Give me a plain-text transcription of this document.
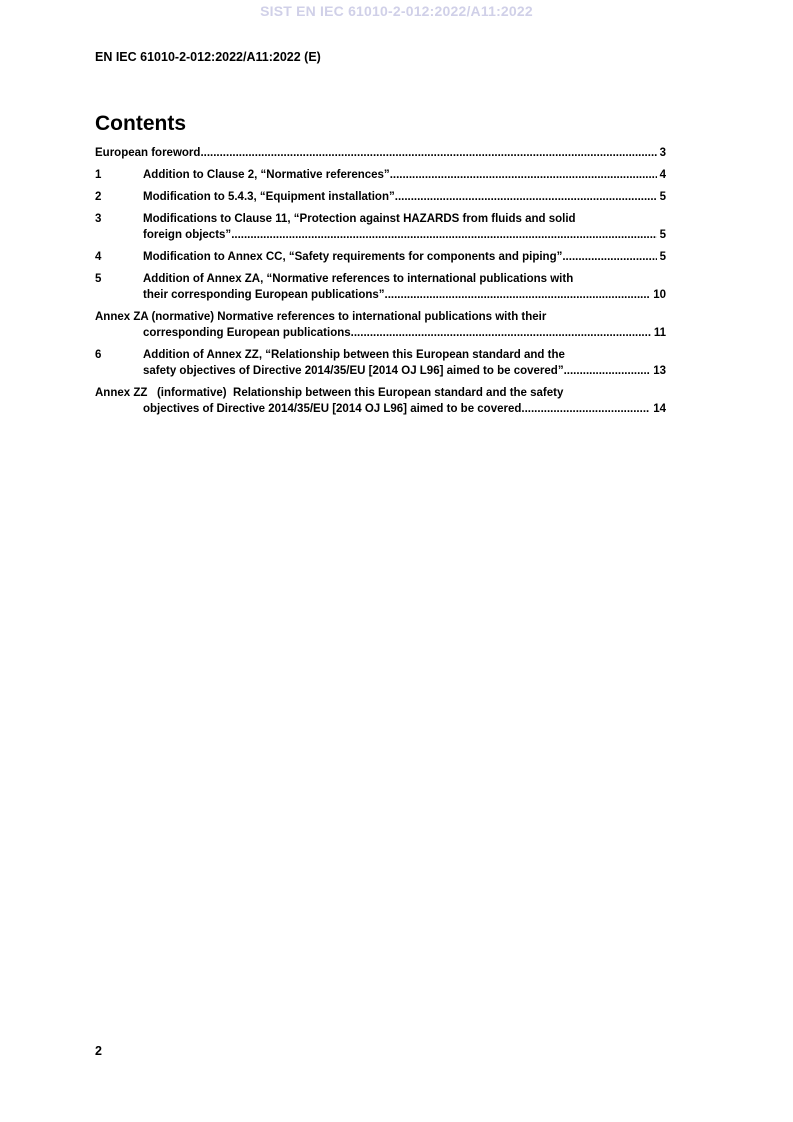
SIST EN IEC 61010-2-012:2022/A11:2022
EN IEC 61010-2-012:2022/A11:2022 (E)
Contents
European foreword .....	3
1	Addition to Clause 2, “Normative references” .....	4
2	Modification to 5.4.3, “Equipment installation” .....	5
3	Modifications to Clause 11, “Protection against HAZARDS from fluids and solid
foreign objects” .....	5
4	Modification to Annex CC, “Safety requirements for components and piping” .....	5
5	Addition of Annex ZA, “Normative references to international publications with
their corresponding European publications” .....	10
Annex ZA (normative) Normative references to international publications with their
corresponding European publications .....	11
6	Addition of Annex ZZ, “Relationship between this European standard and the
safety objectives of Directive 2014/35/EU [2014 OJ L96] aimed to be covered” .....	13
Annex ZZ   (informative)  Relationship between this European standard and the safety
objectives of Directive 2014/35/EU [2014 OJ L96] aimed to be covered .....	14
2
